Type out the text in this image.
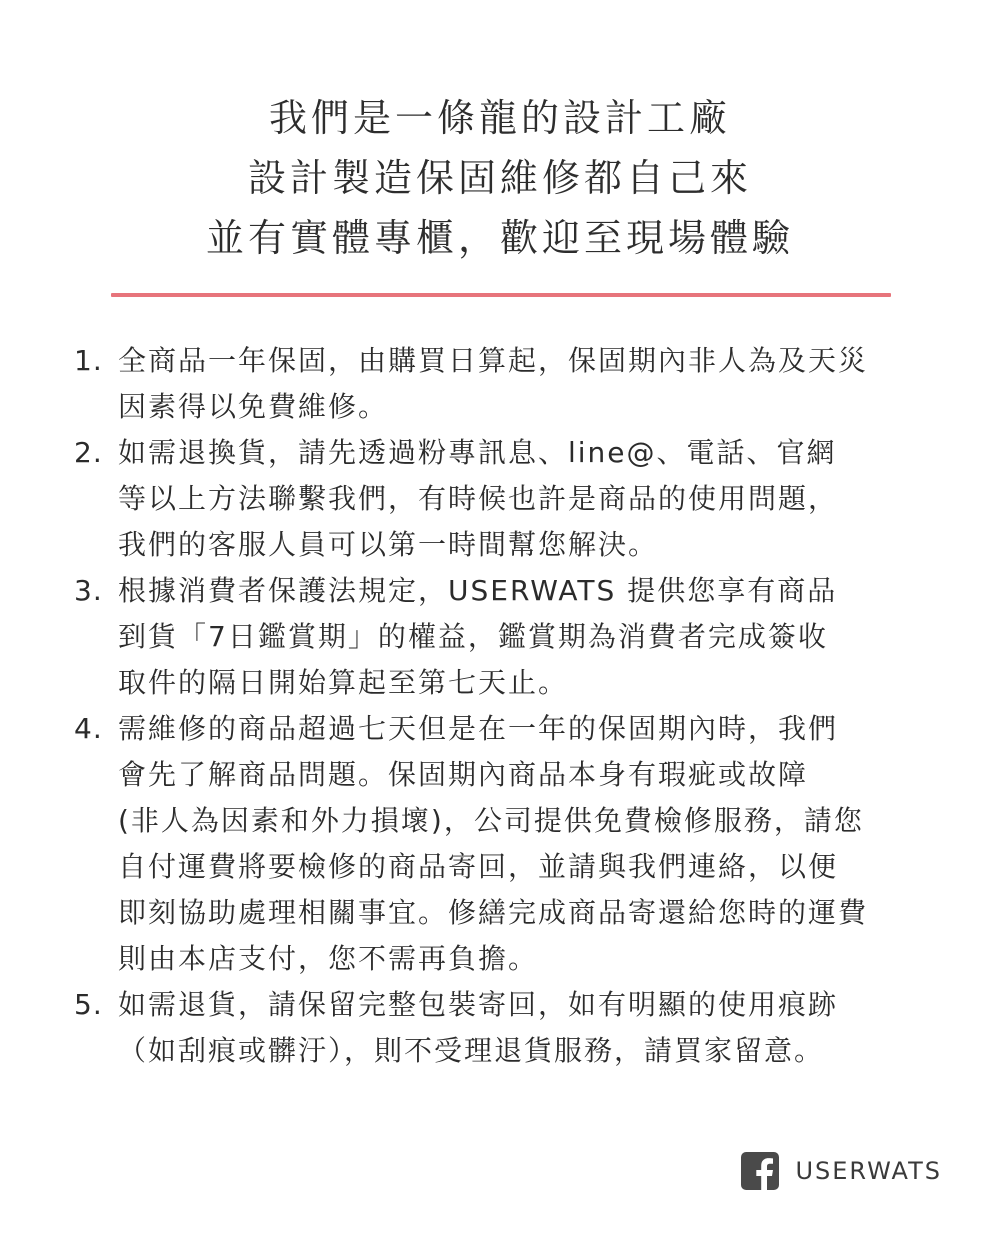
我們是一條龍的設計工廠
設計製造保固維修都自己來
並有實體專櫃，歡迎至現場體驗
1. 全商品一年保固，由購買日算起，保固期內非人為及天災
因素得以免費維修。
2. 如需退換貨，請先透過粉專訊息、line@、電話、官網
等以上方法聯繫我們，有時候也許是商品的使用問題，
我們的客服人員可以第一時間幫您解決。
3. 根據消費者保護法規定，USERWATS 提供您享有商品
到貨「7日鑑賞期」的權益，鑑賞期為消費者完成簽收
取件的隔日開始算起至第七天止。
4. 需維修的商品超過七天但是在一年的保固期內時，我們
會先了解商品問題。保固期內商品本身有瑕疵或故障
(非人為因素和外力損壞)，公司提供免費檢修服務，請您
自付運費將要檢修的商品寄回，並請與我們連絡，以便
即刻協助處理相關事宜。修繕完成商品寄還給您時的運費
則由本店支付，您不需再負擔。
5. 如需退貨，請保留完整包裝寄回，如有明顯的使用痕跡
（如刮痕或髒汙），則不受理退貨服務，請買家留意。
USERWATS
